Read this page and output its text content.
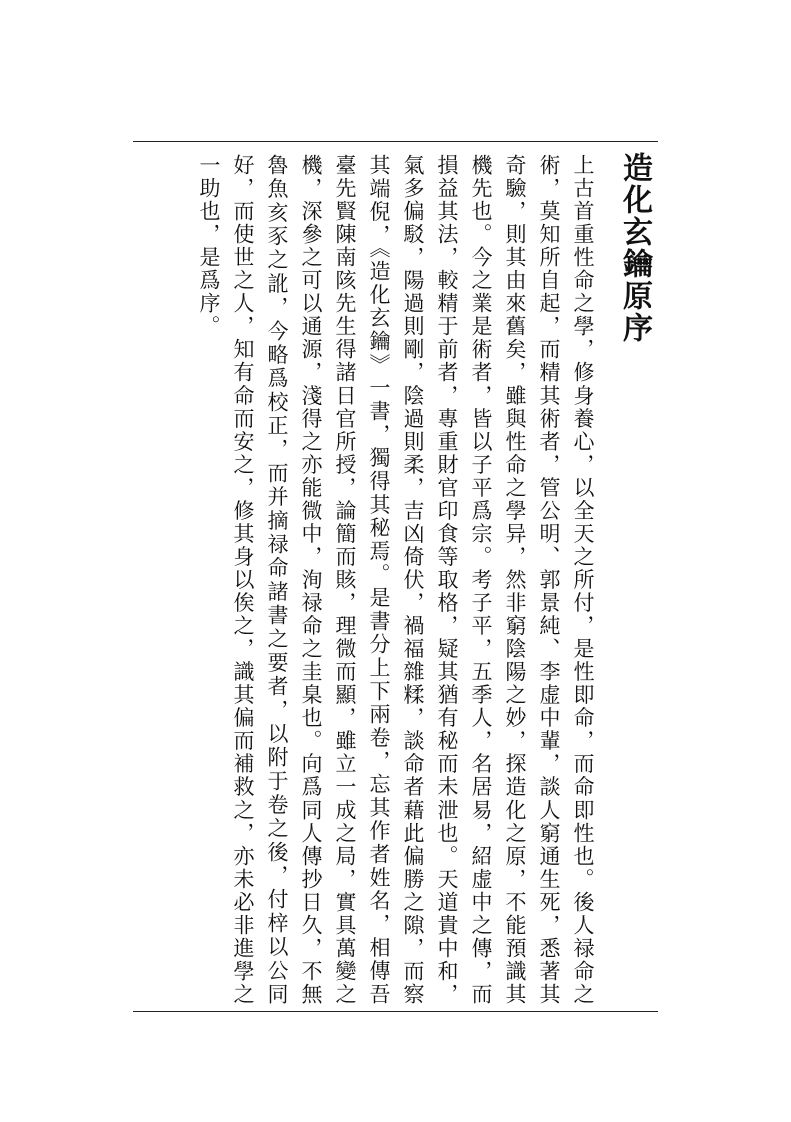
造化玄鑰原序

上古首重性命之學，修身養心，以全天之所付，是性即命，而命即性也。後人禄命之術，莫知所自起，而精其術者，管公明、郭景純、李虚中輩，談人窮通生死，悉著其奇驗，則其由來舊矣，雖與性命之學异，然非窮陰陽之妙，探造化之原，不能預識其機先也。今之業是術者，皆以子平爲宗。考子平，五季人，名居易，紹虚中之傳，而損益其法，較精于前者，專重財官印食等取格，疑其猶有秘而未泄也。天道貴中和，氣多偏駁，陽過則剛，陰過則柔，吉凶倚伏，禍福雜糅，談命者藉此偏勝之隙，而察其端倪，《造化玄鑰》一書，獨得其秘焉。是書分上下兩卷，忘其作者姓名，相傳吾臺先賢陳南陔先生得諸日官所授，論簡而賅，理微而顯，雖立一成之局，實具萬變之機，深參之可以通源，淺得之亦能微中，洵禄命之圭臬也。向爲同人傳抄日久，不無魯魚亥豕之訛，今略爲校正，而并摘禄命諸書之要者，以附于卷之後，付梓以公同好，而使世之人，知有命而安之，修其身以俟之，識其偏而補救之，亦未必非進學之一助也，是爲序。
